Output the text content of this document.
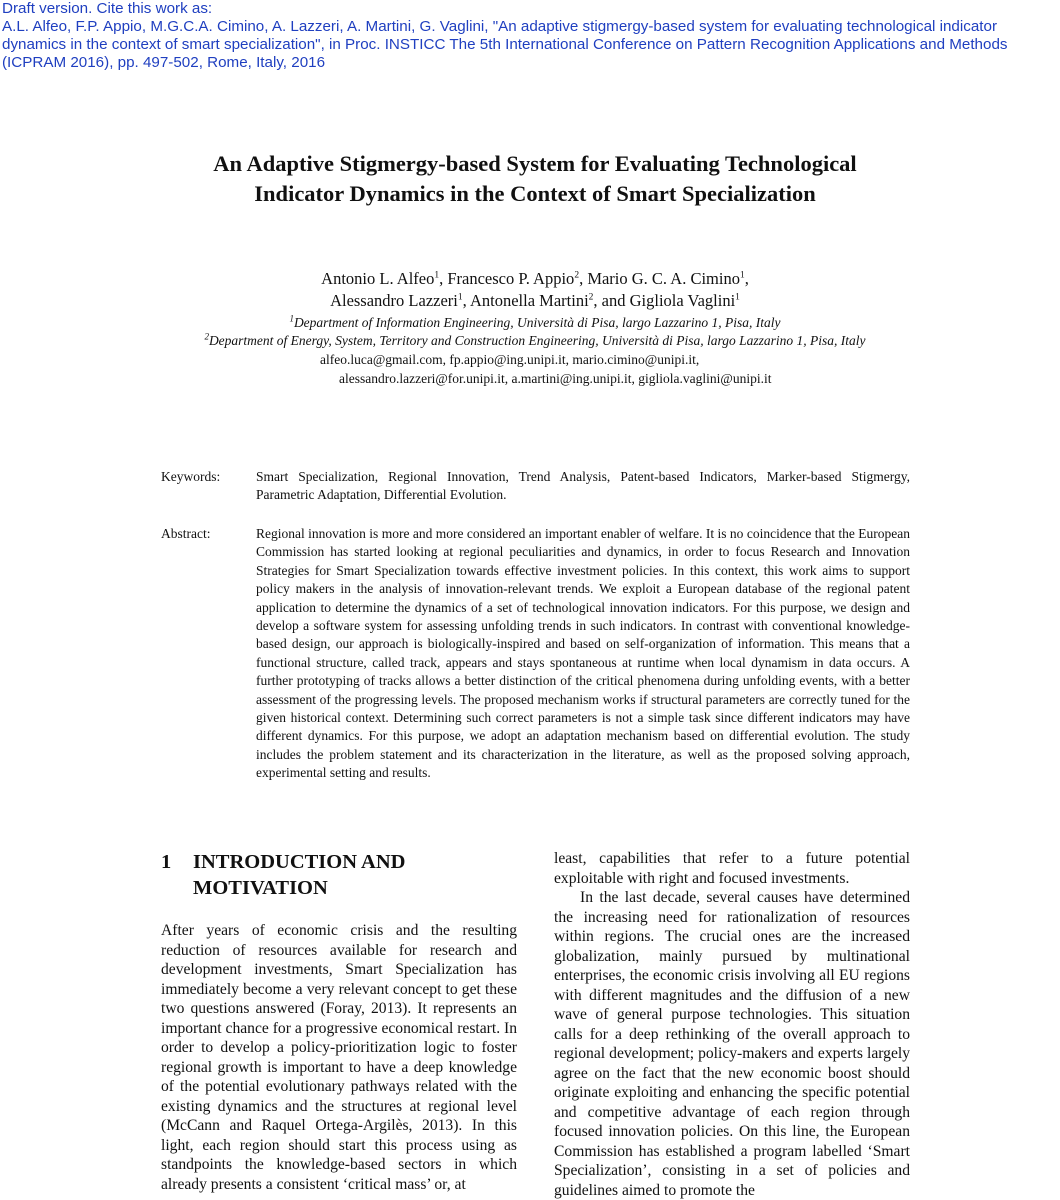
Draft version. Cite this work as:
A.L. Alfeo, F.P. Appio, M.G.C.A. Cimino, A. Lazzeri, A. Martini, G. Vaglini, "An adaptive stigmergy-based system for evaluating technological indicator
dynamics in the context of smart specialization", in Proc. INSTICC The 5th International Conference on Pattern Recognition Applications and Methods
(ICPRAM 2016), pp. 497-502, Rome, Italy, 2016
An Adaptive Stigmergy-based System for Evaluating Technological
Indicator Dynamics in the Context of Smart Specialization
Antonio L. Alfeo$^1$, Francesco P. Appio$^2$, Mario G. C. A. Cimino$^1$,
Alessandro Lazzeri$^1$, Antonella Martini$^2$, and Gigliola Vaglini$^1$
$^1$Department of Information Engineering, Università di Pisa, largo Lazzarino 1, Pisa, Italy
$^2$Department of Energy, System, Territory and Construction Engineering, Università di Pisa, largo Lazzarino 1, Pisa, Italy
alfeo.luca@gmail.com, fp.appio@ing.unipi.it, mario.cimino@unipi.it,
alessandro.lazzeri@for.unipi.it, a.martini@ing.unipi.it, gigliola.vaglini@unipi.it
Keywords:	Smart Specialization, Regional Innovation, Trend Analysis, Patent-based Indicators, Marker-based Stigmergy, Parametric Adaptation, Differential Evolution.
Abstract:	Regional innovation is more and more considered an important enabler of welfare. It is no coincidence that the European Commission has started looking at regional peculiarities and dynamics, in order to focus Research and Innovation Strategies for Smart Specialization towards effective investment policies. In this context, this work aims to support policy makers in the analysis of innovation-relevant trends. We exploit a European database of the regional patent application to determine the dynamics of a set of technological innovation indicators. For this purpose, we design and develop a software system for assessing unfolding trends in such indicators. In contrast with conventional knowledge-based design, our approach is biologically-inspired and based on self-organization of information. This means that a functional structure, called track, appears and stays spontaneous at runtime when local dynamism in data occurs. A further prototyping of tracks allows a better distinction of the critical phenomena during unfolding events, with a better assessment of the progressing levels. The proposed mechanism works if structural parameters are correctly tuned for the given historical context. Determining such correct parameters is not a simple task since different indicators may have different dynamics. For this purpose, we adopt an adaptation mechanism based on differential evolution. The study includes the problem statement and its characterization in the literature, as well as the proposed solving approach, experimental setting and results.
1 INTRODUCTION AND
MOTIVATION

After years of economic crisis and the resulting reduction of resources available for research and development investments, Smart Specialization has immediately become a very relevant concept to get these two questions answered (Foray, 2013). It represents an important chance for a progressive economical restart. In order to develop a policy-prioritization logic to foster regional growth is important to have a deep knowledge of the potential evolutionary pathways related with the existing dynamics and the structures at regional level (McCann and Raquel Ortega-Argilès, 2013). In this light, each region should start this process using as standpoints the knowledge-based sectors in which already presents a consistent ‘critical mass’ or, at

least, capabilities that refer to a future potential exploitable with right and focused investments.

In the last decade, several causes have determined the increasing need for rationalization of resources within regions. The crucial ones are the increased globalization, mainly pursued by multinational enterprises, the economic crisis involving all EU regions with different magnitudes and the diffusion of a new wave of general purpose technologies. This situation calls for a deep rethinking of the overall approach to regional development; policy-makers and experts largely agree on the fact that the new economic boost should originate exploiting and enhancing the specific potential and competitive advantage of each region through focused innovation policies. On this line, the European Commission has established a program labelled ‘Smart Specialization’, consisting in a set of policies and guidelines aimed to promote the
